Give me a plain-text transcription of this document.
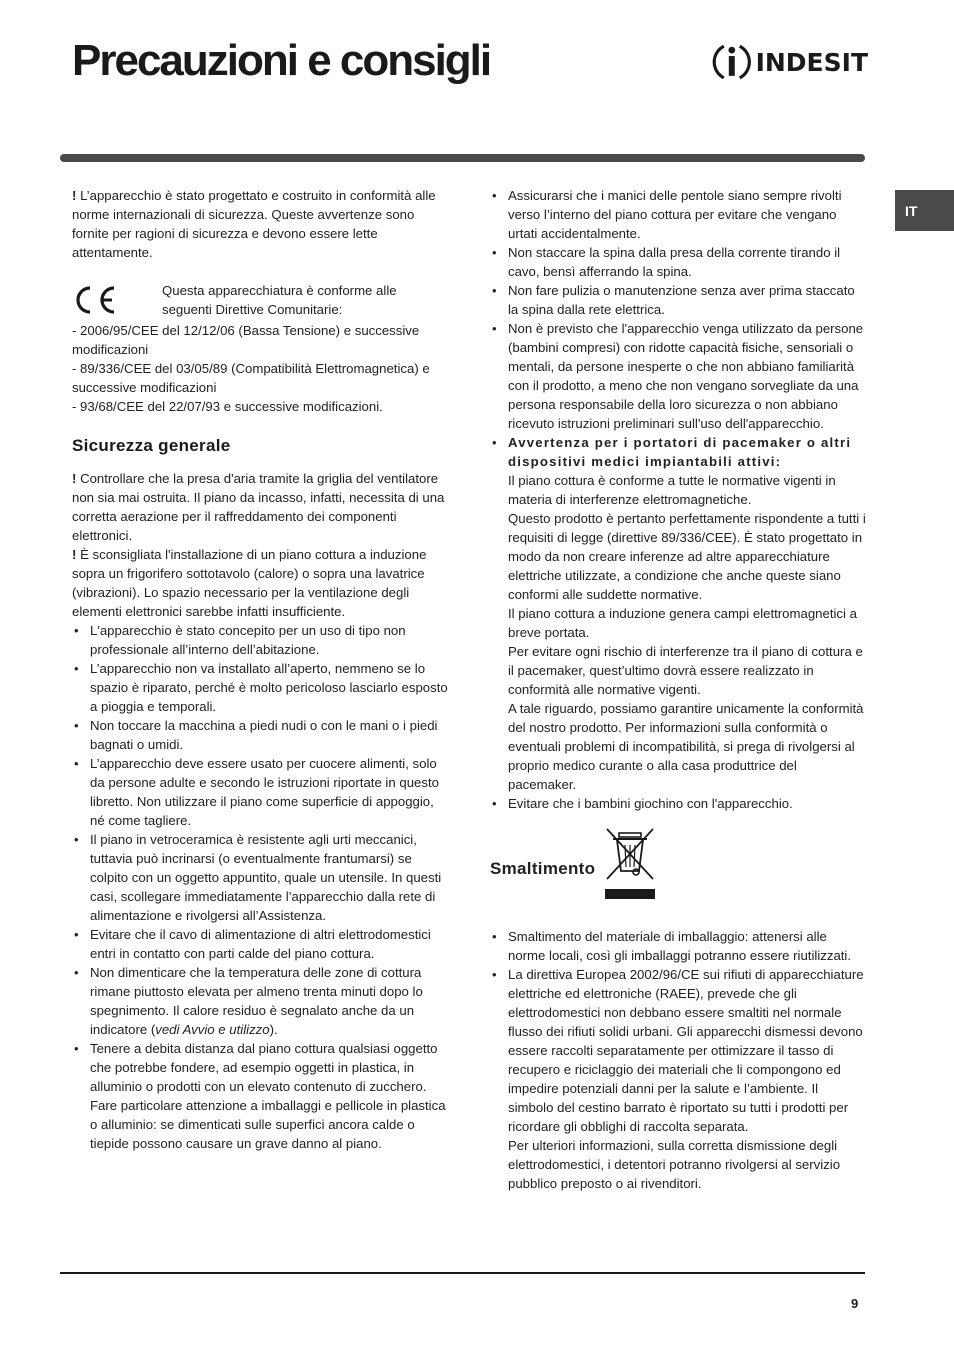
Precauzioni e consigli	INDESIT
IT

! L’apparecchio è stato progettato e costruito in conformità alle norme internazionali di sicurezza. Queste avvertenze sono fornite per ragioni di sicurezza e devono essere lette attentamente.

Questa apparecchiatura è conforme alle seguenti Direttive Comunitarie:

- 2006/95/CEE del 12/12/06 (Bassa Tensione) e successive modificazioni

- 89/336/CEE del 03/05/89 (Compatibilità Elettromagnetica) e successive modificazioni

- 93/68/CEE del 22/07/93 e successive modificazioni.

Sicurezza generale

! Controllare che la presa d'aria tramite la griglia del ventilatore non sia mai ostruita. Il piano da incasso, infatti, necessita di una corretta aerazione per il raffreddamento dei componenti elettronici.

! È sconsigliata l'installazione di un piano cottura a induzione sopra un frigorifero sottotavolo (calore) o sopra una lavatrice (vibrazioni). Lo spazio necessario per la ventilazione degli elementi elettronici sarebbe infatti insufficiente.

• L'apparecchio è stato concepito per un uso di tipo non professionale all’interno dell’abitazione.
• L’apparecchio non va installato all’aperto, nemmeno se lo spazio è riparato, perché è molto pericoloso lasciarlo esposto a pioggia e temporali.
• Non toccare la macchina a piedi nudi o con le mani o i piedi bagnati o umidi.
• L’apparecchio deve essere usato per cuocere alimenti, solo da persone adulte e secondo le istruzioni riportate in questo libretto. Non utilizzare il piano come superficie di appoggio, né come tagliere.
• Il piano in vetroceramica è resistente agli urti meccanici, tuttavia può incrinarsi (o eventualmente frantumarsi) se colpito con un oggetto appuntito, quale un utensile. In questi casi, scollegare immediatamente l’apparecchio dalla rete di alimentazione e rivolgersi all’Assistenza.
• Evitare che il cavo di alimentazione di altri elettrodomestici entri in contatto con parti calde del piano cottura.
• Non dimenticare che la temperatura delle zone di cottura rimane piuttosto elevata per almeno trenta minuti dopo lo spegnimento. Il calore residuo è segnalato anche da un indicatore (vedi Avvio e utilizzo).
• Tenere a debita distanza dal piano cottura qualsiasi oggetto che potrebbe fondere, ad esempio oggetti in plastica, in alluminio o prodotti con un elevato contenuto di zucchero. Fare particolare attenzione a imballaggi e pellicole in plastica o alluminio: se dimenticati sulle superfici ancora calde o tiepide possono causare un grave danno al piano.
• Assicurarsi che i manici delle pentole siano sempre rivolti verso l’interno del piano cottura per evitare che vengano urtati accidentalmente.
• Non staccare la spina dalla presa della corrente tirando il cavo, bensì afferrando la spina.
• Non fare pulizia o manutenzione senza aver prima staccato la spina dalla rete elettrica.
• Non è previsto che l'apparecchio venga utilizzato da persone (bambini compresi) con ridotte capacità fisiche, sensoriali o mentali, da persone inesperte o che non abbiano familiarità con il prodotto, a meno che non vengano sorvegliate da una persona responsabile della loro sicurezza o non abbiano ricevuto istruzioni preliminari sull'uso dell'apparecchio.

• Avvertenza per i portatori di pacemaker o altri dispositivi medici impiantabili attivi:

Il piano cottura è conforme a tutte le normative vigenti in materia di interferenze elettromagnetiche.

Questo prodotto è pertanto perfettamente rispondente a tutti i requisiti di legge (direttive 89/336/CEE). È stato progettato in modo da non creare inferenze ad altre apparecchiature elettriche utilizzate, a condizione che anche queste siano conformi alle suddette normative.

Il piano cottura a induzione genera campi elettromagnetici a breve portata.

Per evitare ogni rischio di interferenze tra il piano di cottura e il pacemaker, quest’ultimo dovrà essere realizzato in conformità alle normative vigenti.

A tale riguardo, possiamo garantire unicamente la conformità del nostro prodotto. Per informazioni sulla conformità o eventuali problemi di incompatibilità, si prega di rivolgersi al proprio medico curante o alla casa produttrice del pacemaker.

• Evitare che i bambini giochino con l'apparecchio.
Smaltimento
• Smaltimento del materiale di imballaggio: attenersi alle norme locali, così gli imballaggi potranno essere riutilizzati.

• La direttiva Europea 2002/96/CE sui rifiuti di apparecchiature elettriche ed elettroniche (RAEE), prevede che gli elettrodomestici non debbano essere smaltiti nel normale flusso dei rifiuti solidi urbani. Gli apparecchi dismessi devono essere raccolti separatamente per ottimizzare il tasso di recupero e riciclaggio dei materiali che li compongono ed impedire potenziali danni per la salute e l’ambiente. Il simbolo del cestino barrato è riportato su tutti i prodotti per ricordare gli obblighi di raccolta separata.

Per ulteriori informazioni, sulla corretta dismissione degli elettrodomestici, i detentori potranno rivolgersi al servizio pubblico preposto o ai rivenditori.

9
